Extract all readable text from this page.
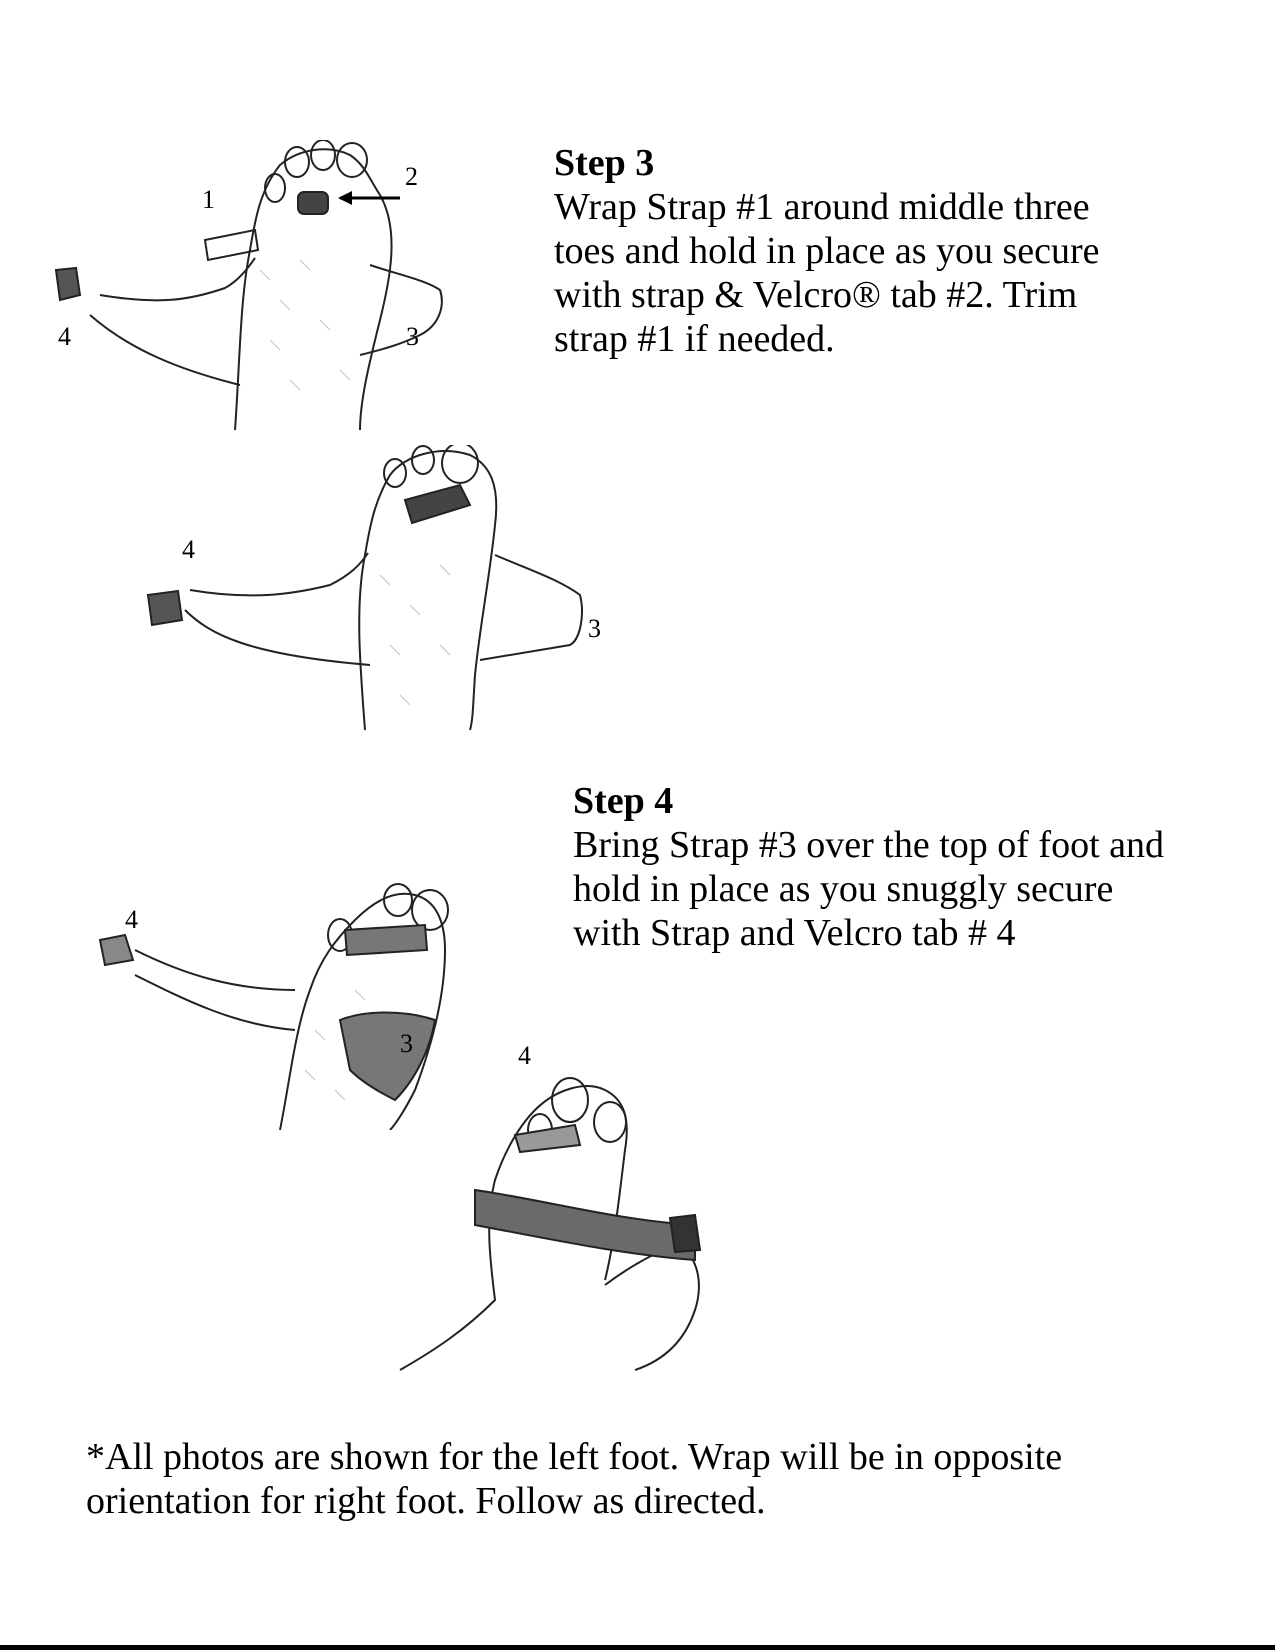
1
2
4	3
Step 3
Wrap Strap #1 around middle three
toes and hold in place as you secure
with strap & Velcro® tab #2. Trim
strap #1 if needed.
4
3
Step 4
Bring Strap #3 over the top of foot and
hold in place as you snuggly secure
with Strap and Velcro tab # 4
4
3	4
*All photos are shown for the left foot. Wrap will be in opposite
orientation for right foot. Follow as directed.
